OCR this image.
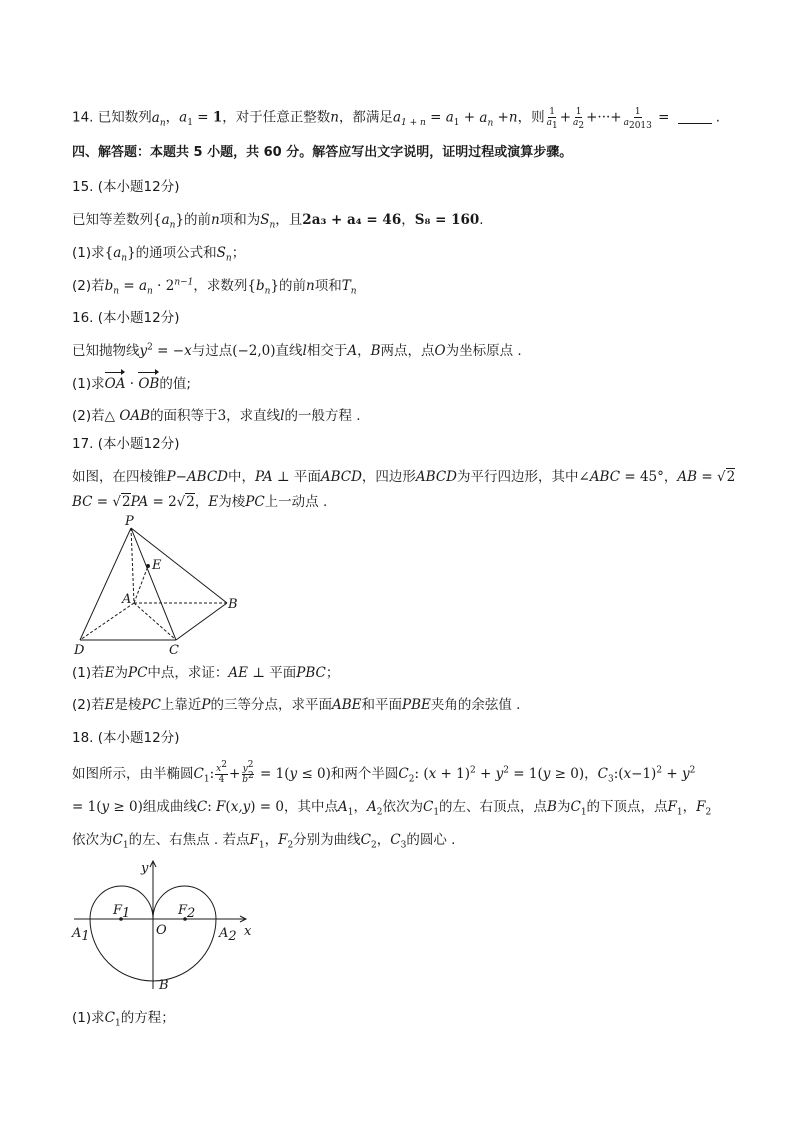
14. 已知数列$a_n$，$a_1 = 1$，对于任意正整数n，都满足$a_{1 + n} = a_1 + a_n +n$，则 $\frac{1}{a_1} + \frac{1}{a_2}$ +···+ $\frac{1}{a_{2013}}$ =	.
四、解答题：本题共 5 小题，共 60 分。解答应写出文字说明，证明过程或演算步骤。
15. (本小题12分)
已知等差数列$\{a_n\}$的前n项和为$S_n$，且2a₃ + a₄ = 46，S₈ = 160.
(1)求$\{a_n\}$的通项公式和$S_n$；
(2)若$b_n = a_n \cdot 2^{n-1}$，求数列$\{b_n\}$的前n项和$T_n$
16. (本小题12分)
已知抛物线$y^2 = -x$与过点(−2,0)直线l相交于A，B两点，点O为坐标原点 .
(1)求OA · OB的值;
(2)若△ OAB的面积等于3，求直线l的一般方程 .
17. (本小题12分)
如图，在四棱锥P−ABCD中，PA ⊥ 平面ABCD，四边形ABCD为平行四边形，其中∠ABC = 45°，AB = √2
BC = √2PA = 2√2，E为棱PC上一动点 .
P
E
A	B
D	C
(1)若E为PC中点，求证：AE ⊥ 平面PBC；
(2)若E是棱PC上靠近P的三等分点，求平面ABE和平面PBE夹角的余弦值 .
18. (本小题12分)
如图所示，由半椭圆$C_1$: $\frac{x^2}{4} + \frac{y^2}{b^2} = 1(y \le 0)$和两个半圆$C_2$: $(x + 1)^2 + y^2 = 1(y \ge 0)$，$C_3:(x-1)^2 + y^2$
= 1(y ≥ 0)组成曲线C: F(x,y) = 0，其中点$A_1$，$A_2$依次为$C_1$的左、右顶点，点B为$C_1$的下顶点，点$F_1$，$F_2$
依次为$C_1$的左、右焦点 . 若点$F_1$，$F_2$分别为曲线$C_2$，$C_3$的圆心 .
y
x
O
B
F1	F2
A1	A2
(1)求$C_1$的方程；
